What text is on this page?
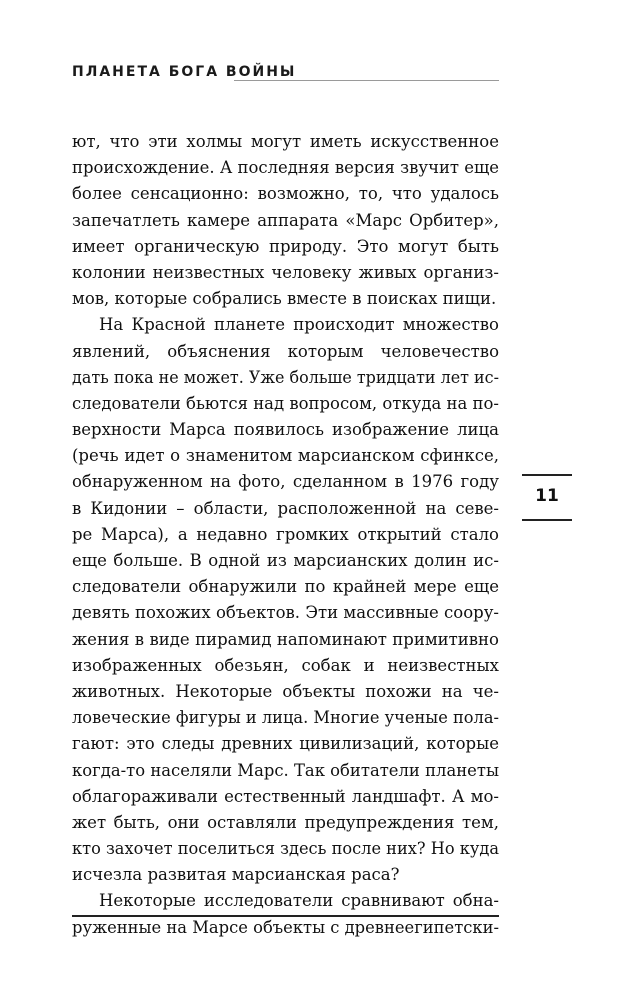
ПЛАНЕТА БОГА ВОЙНЫ
ют, что эти холмы могут иметь искусственное
происхождение. А последняя версия звучит еще
более сенсационно: возможно, то, что удалось
запечатлеть камере аппарата «Марс Орбитер»,
имеет органическую природу. Это могут быть
колонии неизвестных человеку живых организ-
мов, которые собрались вместе в поисках пищи.
На Красной планете происходит множество
явлений, объяснения которым человечество
дать пока не может. Уже больше тридцати лет ис-
следователи бьются над вопросом, откуда на по-
верхности Марса появилось изображение лица
(речь идет о знаменитом марсианском сфинксе,
обнаруженном на фото, сделанном в 1976 году
в Кидонии – области, расположенной на севе-
ре Марса), а недавно громких открытий стало
еще больше. В одной из марсианских долин ис-
следователи обнаружили по крайней мере еще
девять похожих объектов. Эти массивные соору-
жения в виде пирамид напоминают примитивно
изображенных обезьян, собак и неизвестных
животных. Некоторые объекты похожи на че-
ловеческие фигуры и лица. Многие ученые пола-
гают: это следы древних цивилизаций, которые
когда-то населяли Марс. Так обитатели планеты
облагораживали естественный ландшафт. А мо-
жет быть, они оставляли предупреждения тем,
кто захочет поселиться здесь после них? Но куда
исчезла развитая марсианская раса?
Некоторые исследователи сравнивают обна-
руженные на Марсе объекты с древнеегипетски-
11
